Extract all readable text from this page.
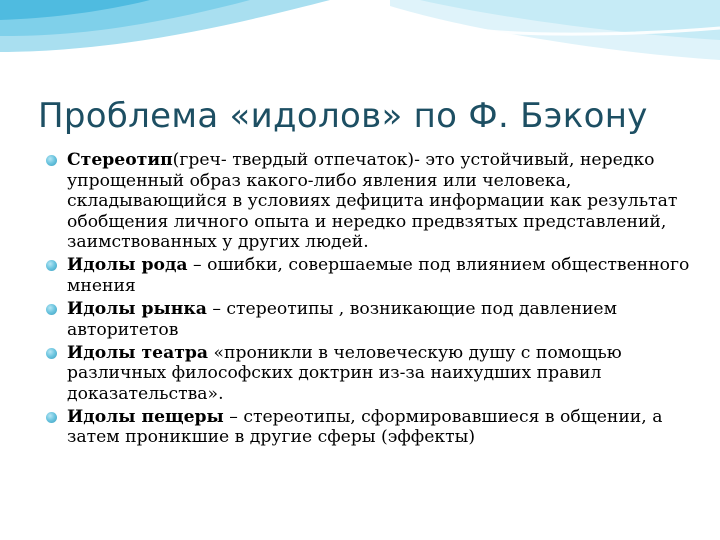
Проблема «идолов» по Ф. Бэкону
Стереотип(греч- твердый отпечаток)- это устойчивый, нередко упрощенный образ какого-либо явления или человека, складывающийся в условиях дефицита информации как результат обобщения личного опыта и нередко предвзятых представлений, заимствованных у других людей.
Идолы рода – ошибки, совершаемые под влиянием общественного мнения
Идолы рынка – стереотипы , возникающие под давлением авторитетов
Идолы театра «проникли в человеческую душу с помощью различных философских доктрин из-за наихудших правил доказательства».
Идолы пещеры – стереотипы, сформировавшиеся в общении, а затем проникшие в другие сферы (эффекты)
